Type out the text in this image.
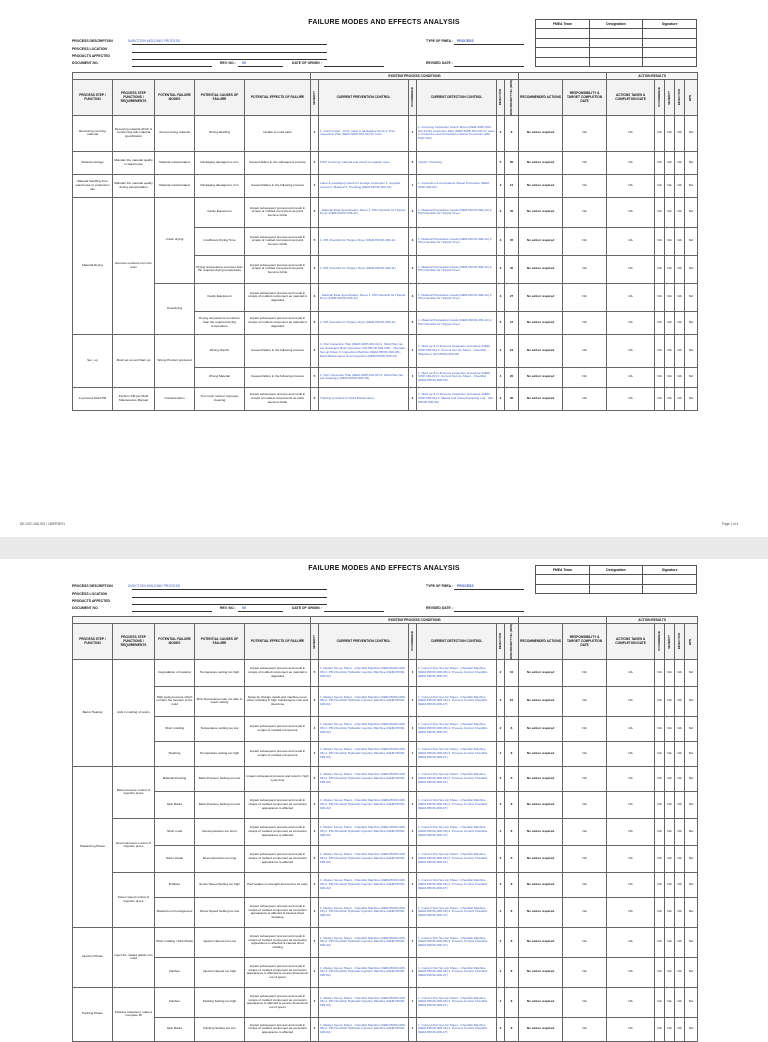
FAILURE MODES AND EFFECTS ANALYSIS	FMEA Team	Designation	Signature

PROCESS DESCRIPTION	INJECTION MOLDING PROCESS
PROCESS LOCATION
PRODUCTS AFFECTED
DOCUMENT NO.	REV. NO.: 00	DATE OF ORIGIN :
TYPE OF FMEA : PROCESS
REVISED DATE :
					EXISTING PROCESS CONDITIONS								ACTION RESULTS				
PROCESS STEP / FUNCTION	PROCESS STEP FUNCTIONS / REQUIREMENTS	POTENTIAL FAILURE MODES	POTENTIAL CAUSES OF FAILURE	POTENTIAL EFFECTS OF FAILURE	SEVERITY	CURRENT PREVENTION CONTROL	OCCURRENCE	CURRENT DETECTION CONTROL	DETECTION	RISK PRIORITY NO. (RPN)	RECOMMENDED ACTIONS	RESPONSIBILITY & TARGET COMPLETION DATE	ACTIONS TAKEN & COMPLETION DATE	OCCURRENCE	SEVERITY	DETECTION	RPN

Receiving incoming material	Receiving material which is conforming with material specification	Accept wrong material	Wrong labelling	Unable to mold parts	4	1. Control plan - COC, label & packaging check 2. Part Inspection Plan (DEM-SWP-001-02) for resin	1	1. Incoming Inspection Check Sheet (DEM-SWP-004-02) & Part Inspection Plan (DEM-SWP-001-02) for resin 2. Inspection and Acceptance Status Procedure (DE-PQP-001)	2	8	No action required	NA	NA	NA	NA	NA	NA
Material storage	Maintain the material quality in warehouse	Material contaminated	Packaging damaged or torn	Caused failure in the subsequent process	4	FIFO incoming material and check to supplier spec	3	Visual / Checking	5	60	No action required	NA	NA	NA	NA	NA	NA
Material handling from warehouse to production site	Maintain the material quality during transportation	Material contaminated	Packaging damaged or torn	Caused failure in the following process	4	Label & packaging check for storage inspection 1. Supplier control 2. Material 3. Handling (DEM-PROD-002-01)	1	1. Inspection & Acceptance Status Procedure (DEM-SWP-004-02)	3	12	No action required	NA	NA	NA	NA	NA	NA
Material Drying	Remove moisture from the resin	Under drying	Faulty Equipment	Impact subsequent process and result in scraps of molded component as parts become brittle	5	- Material Data Specification Sheet 1. PM Checklist for Hopper Dryer (DEM-PROD-006-11)	3	1. Material Preparation Guide (DEM-PROD-006-12) 2. PM Checklist for Hopper Dryer	3	45	No action required	NA	NA	NA	NA	NA	NA
			Insufficient Drying Time	Impact subsequent process and result in scraps of molded component as parts become brittle	5	1. PM Checklist for Hopper Dryer (DEM-PROD-006-11)	3	1. Material Preparation Guide (DEM-PROD-006-12) 2. PM Checklist for Hopper Dryer	3	45	No action required	NA	NA	NA	NA	NA	NA
			Drying temperature set lower than the required drying temperature	Impact subsequent process and result in scraps of molded component as parts become brittle	5	1. PM Checklist for Hopper Dryer (DEM-PROD-006-11)	3	1. Material Preparation Guide (DEM-PROD-006-12) 2. PM Checklist for Hopper Dryer	3	45	No action required	NA	NA	NA	NA	NA	NA
		Overdrying	Faulty Equipment	Impact subsequent process and result in scraps of molded component as material is degraded	3	- Material Data Specification Sheet 1. PM Checklist for Hopper Dryer (DEM-PROD-006-11)	3	1. Material Preparation Guide (DEM-PROD-006-12) 2. PM Checklist for Hopper Dryer	3	27	No action required	NA	NA	NA	NA	NA	NA
			Drying temperature set above than the required drying temperature	Impact subsequent process and result in scraps of molded component as material is degraded	3	1. PM Checklist for Hopper Dryer (DEM-PROD-006-11)	3	1. Material Preparation Guide (DEM-PROD-006-12) 2. PM Checklist for Hopper Dryer	3	27	No action required	NA	NA	NA	NA	NA	NA
Set - up	Mold set up and Start up	Wrong Product produced	Wrong branch	Caused failure in the following process	4	1. Part Inspection Plan (DEM-SWP-001-02) 2. Mold Plan (as per drawings) Mold instruction (WI-PROD-006-005) - Operator Set-up Sheet 3. Inspection Machine (DEM-PROD-006-05) - Mold Maintenance Sea Inspection (DEM-PROD-006-07)	1	1. Start-up & In-Process inspection procedure (DEM-SWP-004-02) 2. Current Set-Up Sheet - Checklist (Machine) (WI-PROD-006-06)	4	16	No action required	NA	NA	NA	NA	NA	NA
			Wrong Material	Caused failure in the following process	5	1. Part Inspection Plan (DEM-SWP-001-02) 2. Mold Plan (as per drawings) (DEM-PROD-006-05)	1	1. Start-up & In-Process inspection procedure (DEM-SWP-004-02) 2. Current Set-Up Sheet - Checklist (DEM-PROD-006-06)	4	20	No action required	NA	NA	NA	NA	NA	NA
In-process Mold PM	Perform PM per Mold Maintenance Manual	Contamination	Too much mold or improper cleaning	Impact subsequent process and result in scraps of molded components as parts become brittle	5	Training provided for Mold Maintenance	3	1. Start-up & In-Process inspection procedure (DEM-SWP-004-02) 2. Metals and Visual Sampling Log - (WI-PROD-006-05)	2	30	No action required	NA	NA	NA	NA	NA	NA
DE-DOC-008-001 / 150PR0F01	Page 1 of 4
FAILURE MODES AND EFFECTS ANALYSIS	FMEA Team	Designation	Signature

PROCESS DESCRIPTION	INJECTION MOLDING PROCESS
PROCESS LOCATION
PRODUCTS AFFECTED
DOCUMENT NO.	REV. NO.: 00	DATE OF ORIGIN :
TYPE OF FMEA : PROCESS
REVISED DATE :
					EXISTING PROCESS CONDITIONS								ACTION RESULTS				
PROCESS STEP / FUNCTION	PROCESS STEP FUNCTIONS / REQUIREMENTS	POTENTIAL FAILURE MODES	POTENTIAL CAUSES OF FAILURE	POTENTIAL EFFECTS OF FAILURE	SEVERITY	CURRENT PREVENTION CONTROL	OCCURRENCE	CURRENT DETECTION CONTROL	DETECTION	RISK PRIORITY NO. (RPN)	RECOMMENDED ACTIONS	RESPONSIBILITY & TARGET COMPLETION DATE	ACTIONS TAKEN & COMPLETION DATE	OCCURRENCE	SEVERITY	DETECTION	RPN

Barrel Heating	Aids in melting of resins	Degradation of material	Temperature setting too high	Impact subsequent process and result in scraps of molded component as material is degraded	5	1. Master Set-up Sheet - Checklist Machine (DEM-PROD-006-06) 2. PM Checklist Hydraulic Injection Machine (DEM-PROD-006-02)	1	1. Current Run Set-Up Sheet - Checklist Machine (DEM-PROD-006-06) 2. Process Control Checklist (DEM-PROD-006-07)	2	10	No action required	NA	NA	NA	NA	NA	NA
		High peak pressure which renders the function of the mold	Melt Temperature was not able to reach setting	Scrap by change molds and machine never when resulting in high maintenance cost and downtime	5	1. Master Set-up Sheet - Checklist Machine (DEM-PROD-006-06) 2. PM Checklist Hydraulic Injection Machine (DEM-PROD-006-02)	1	1. Current Run Set-Up Sheet - Checklist Machine (DEM-PROD-006-06) 2. Process Control Checklist (DEM-PROD-006-07)	2	10	No action required	NA	NA	NA	NA	NA	NA
		Short molding	Temperature setting too low	Impact subsequent process and result in scraps of molded component	4	1. Master Set-up Sheet - Checklist Machine (DEM-PROD-006-06) 2. PM Checklist Hydraulic Injection Machine (DEM-PROD-006-02)	1	1. Current Run Set-Up Sheet - Checklist Machine (DEM-PROD-006-06) 2. Process Control Checklist (DEM-PROD-006-07)	2	8	No action required	NA	NA	NA	NA	NA	NA
		Flashing	Temperature setting too high	Impact subsequent process and result in scraps of molded component	4	1. Master Set-up Sheet - Checklist Machine (DEM-PROD-006-06) 2. PM Checklist Hydraulic Injection Machine (DEM-PROD-006-02)	1	1. Current Run Set-Up Sheet - Checklist Machine (DEM-PROD-006-06) 2. Process Control Checklist (DEM-PROD-006-07)	2	8	No action required	NA	NA	NA	NA	NA	NA
Plasticizing Phase	Back pressure control of injection press	Material Drooling	Back Pressure Setting too low	Impact subsequent process and result in high cycle time	4	1. Master Set-up Sheet - Checklist Machine (DEM-PROD-006-06) 2. PM Checklist Hydraulic Injection Machine (DEM-PROD-006-02)	1	1. Current Run Set-Up Sheet - Checklist Machine (DEM-PROD-006-06) 2. Process Control Checklist (DEM-PROD-006-07)	2	8	No action required	NA	NA	NA	NA	NA	NA
		Sink Marks	Back Pressure Setting too low	Impact subsequent process and result in scraps of molded component as cosmetics appearance is affected	4	1. Master Set-up Sheet - Checklist Machine (DEM-PROD-006-06) 2. PM Checklist Hydraulic Injection Machine (DEM-PROD-006-02)	1	1. Current Run Set-Up Sheet - Checklist Machine (DEM-PROD-006-06) 2. Process Control Checklist (DEM-PROD-006-07)	2	8	No action required	NA	NA	NA	NA	NA	NA
	Decompression control of injection press	Short mold	Decompression too short	Impact subsequent process and result in scraps of molded component as cosmetics appearance is affected	4	1. Master Set-up Sheet - Checklist Machine (DEM-PROD-006-06) 2. PM Checklist Hydraulic Injection Machine (DEM-PROD-006-02)	1	1. Current Run Set-Up Sheet - Checklist Machine (DEM-PROD-006-06) 2. Process Control Checklist (DEM-PROD-006-07)	2	8	No action required	NA	NA	NA	NA	NA	NA
		Silver streak	Decompression too long	Impact subsequent process and result in scraps of molded component as cosmetics appearance is affected	4	1. Master Set-up Sheet - Checklist Machine (DEM-PROD-006-06) 2. PM Checklist Hydraulic Injection Machine (DEM-PROD-006-02)	1	1. Current Run Set-Up Sheet - Checklist Machine (DEM-PROD-006-06) 2. Process Control Checklist (DEM-PROD-006-07)	2	8	No action required	NA	NA	NA	NA	NA	NA
	Screw speed control of injection press	Bubbles	Screw Speed Setting too high	Part weaken in strength and tend to be easy	4	1. Master Set-up Sheet - Checklist Machine (DEM-PROD-006-06) 2. PM Checklist Hydraulic Injection Machine (DEM-PROD-006-02)	1	1. Current Run Set-Up Sheet - Checklist Machine (DEM-PROD-006-06) 2. Process Control Checklist (DEM-PROD-006-07)	2	8	No action required	NA	NA	NA	NA	NA	NA
		Material non homogenous	Screw Speed Setting too low	Impact subsequent process and result in scraps of molded component as cosmetics appearance is affected & caused sheet breaking	4	1. Master Set-up Sheet - Checklist Machine (DEM-PROD-006-06) 2. PM Checklist Hydraulic Injection Machine (DEM-PROD-006-02)	1	1. Current Run Set-Up Sheet - Checklist Machine (DEM-PROD-006-06) 2. Process Control Checklist (DEM-PROD-006-07)	2	8	No action required	NA	NA	NA	NA	NA	NA
Injection Phase	Inject the melted plastic into mold	Short molding / Sink Marks	Injection Speed too Low	Impact subsequent process and result in scraps of molded component as cosmetics appearance is affected & caused short molding	4	1. Master Set-up Sheet - Checklist Machine (DEM-PROD-006-06) 2. PM Checklist Hydraulic Injection Machine (DEM-PROD-006-02)	1	1. Current Run Set-Up Sheet - Checklist Machine (DEM-PROD-006-06) 2. Process Control Checklist (DEM-PROD-006-07)	2	8	No action required	NA	NA	NA	NA	NA	NA
		Flashes	Injection Speed too high	Impact subsequent process and result in scraps of molded component as cosmetics appearance is affected & excess dimensions out of specs	4	1. Master Set-up Sheet - Checklist Machine (DEM-PROD-006-06) 2. PM Checklist Hydraulic Injection Machine (DEM-PROD-006-02)	1	1. Current Run Set-Up Sheet - Checklist Machine (DEM-PROD-006-06) 2. Process Control Checklist (DEM-PROD-006-07)	2	8	No action required	NA	NA	NA	NA	NA	NA
Packing Phase	Packing material to make a complete fill	Flashes	Packing Setting too high	Impact subsequent process and result in scraps of molded component as cosmetics appearance is affected & excess dimensions out of specs	4	1. Master Set-up Sheet - Checklist Machine (DEM-PROD-006-06) 2. PM Checklist Hydraulic Injection Machine (DEM-PROD-006-02)	1	1. Current Run Set-Up Sheet - Checklist Machine (DEM-PROD-006-06) 2. Process Control Checklist (DEM-PROD-006-07)	2	8	No action required	NA	NA	NA	NA	NA	NA
		Sink Marks	Packing Setting too low	Impact subsequent process and result in scraps of molded component as cosmetics appearance is affected	4	1. Master Set-up Sheet - Checklist Machine (DEM-PROD-006-06) 2. PM Checklist Hydraulic Injection Machine (DEM-PROD-006-02)	1	1. Current Run Set-Up Sheet - Checklist Machine (DEM-PROD-006-06) 2. Process Control Checklist (DEM-PROD-006-07)	2	8	No action required	NA	NA	NA	NA	NA	NA
